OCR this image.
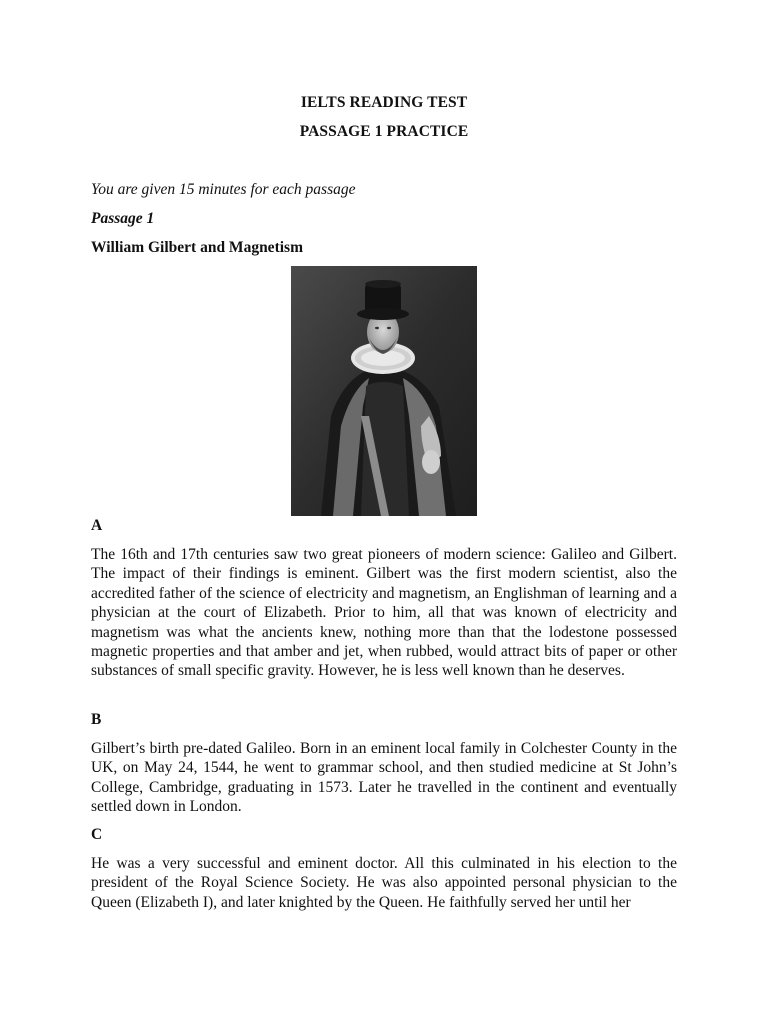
IELTS READING TEST
PASSAGE 1 PRACTICE
You are given 15 minutes for each passage
Passage 1
William Gilbert and Magnetism
A

The 16th and 17th centuries saw two great pioneers of modern science: Galileo and Gilbert. The impact of their findings is eminent. Gilbert was the first modern scientist, also the accredited father of the science of electricity and magnetism, an Englishman of learning and a physician at the court of Elizabeth. Prior to him, all that was known of electricity and magnetism was what the ancients knew, nothing more than that the lodestone possessed magnetic properties and that amber and jet, when rubbed, would attract bits of paper or other substances of small specific gravity. However, he is less well known than he deserves.

B

Gilbert’s birth pre-dated Galileo. Born in an eminent local family in Colchester County in the UK, on May 24, 1544, he went to grammar school, and then studied medicine at St John’s College, Cambridge, graduating in 1573. Later he travelled in the continent and eventually settled down in London.

C

He was a very successful and eminent doctor. All this culminated in his election to the president of the Royal Science Society. He was also appointed personal physician to the Queen (Elizabeth I), and later knighted by the Queen. He faithfully served her until her
